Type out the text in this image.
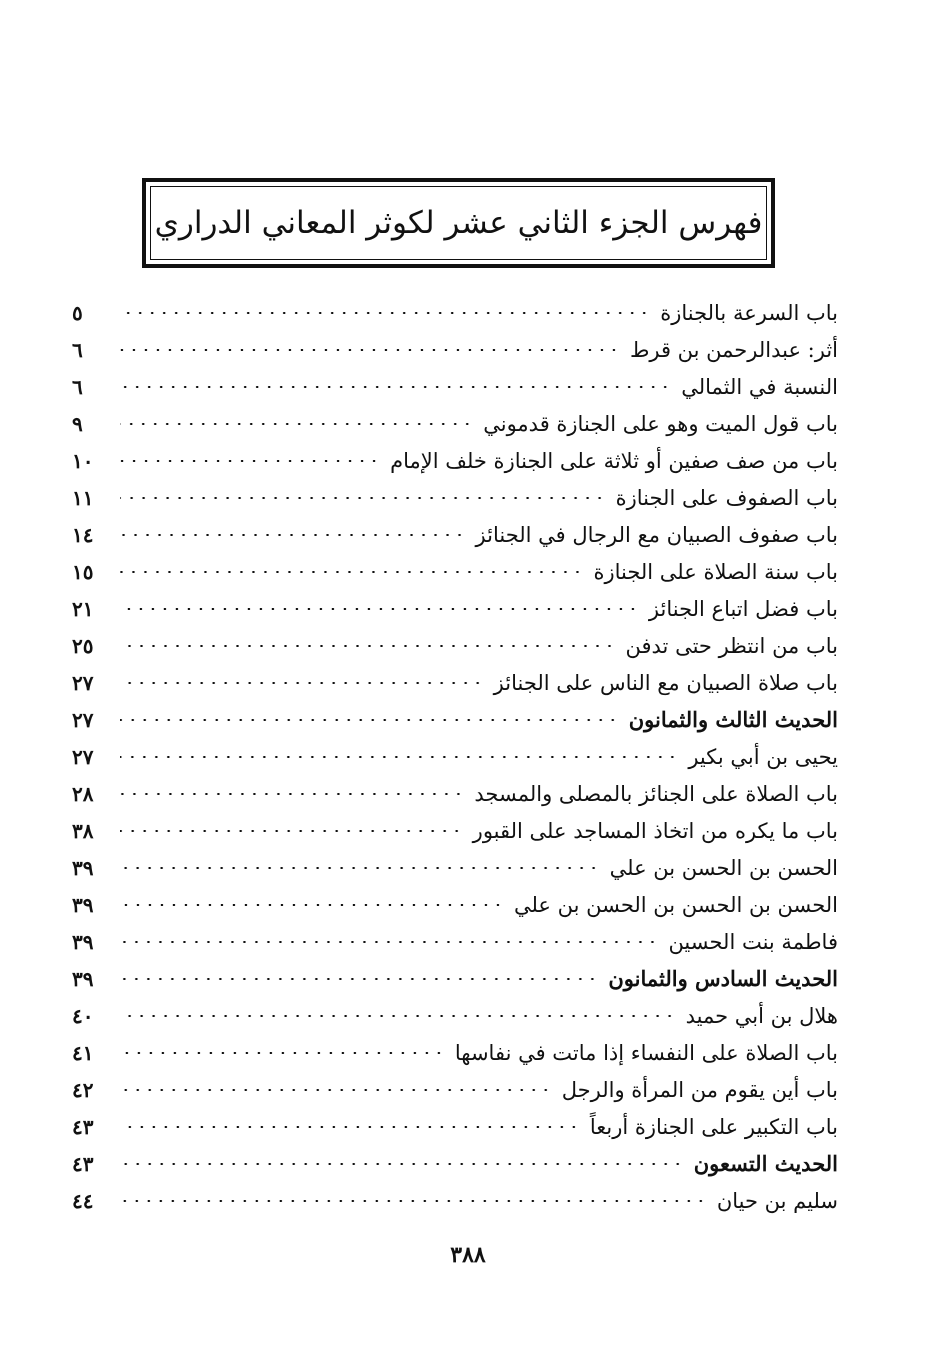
فهرس الجزء الثاني عشر لكوثر المعاني الدراري
باب السرعة بالجنازة
٥
أثر: عبدالرحمن بن قرط
٦
النسبة في الثمالي
٦
باب قول الميت وهو على الجنازة قدموني
٩
باب من صف صفين أو ثلاثة على الجنازة خلف الإمام
١٠
باب الصفوف على الجنازة
١١
باب صفوف الصبيان مع الرجال في الجنائز
١٤
باب سنة الصلاة على الجنازة
١٥
باب فضل اتباع الجنائز
٢١
باب من انتظر حتى تدفن
٢٥
باب صلاة الصبيان مع الناس على الجنائز
٢٧
الحديث الثالث والثمانون
٢٧
يحيى بن أبي بكير
٢٧
باب الصلاة على الجنائز بالمصلى والمسجد
٢٨
باب ما يكره من اتخاذ المساجد على القبور
٣٨
الحسن بن الحسن بن علي
٣٩
الحسن بن الحسن بن الحسن بن علي
٣٩
فاطمة بنت الحسين
٣٩
الحديث السادس والثمانون
٣٩
هلال بن أبي حميد
٤٠
باب الصلاة على النفساء إذا ماتت في نفاسها
٤١
باب أين يقوم من المرأة والرجل
٤٢
باب التكبير على الجنازة أربعاً
٤٣
الحديث التسعون
٤٣
سليم بن حيان
٤٤
٣٨٨
